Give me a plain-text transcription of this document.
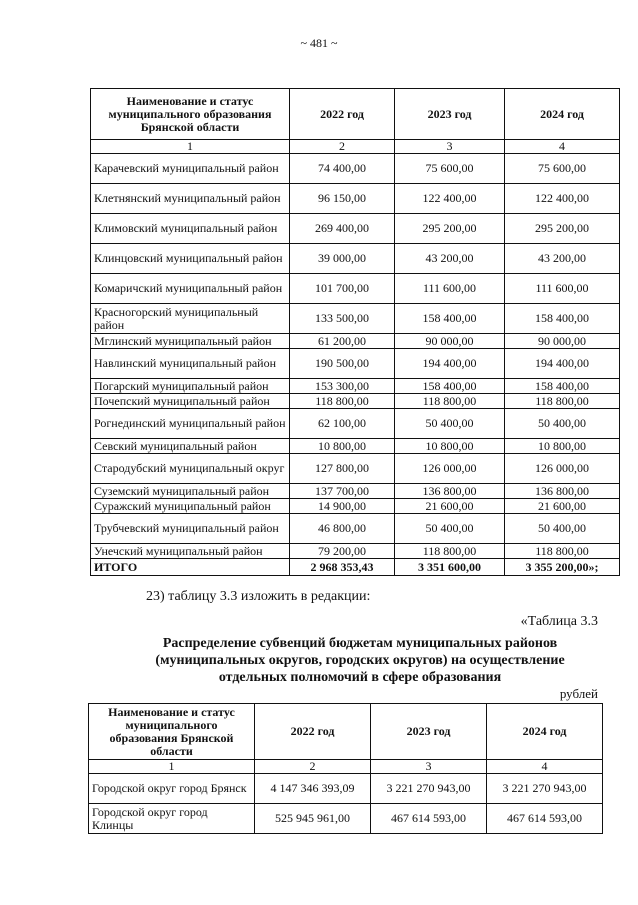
~ 481 ~
Наименование и статус муниципального образования Брянской области	2022 год	2023 год	2024 год
1	2	3	4
Карачевский муниципальный район	74 400,00	75 600,00	75 600,00
Клетнянский муниципальный район	96 150,00	122 400,00	122 400,00
Климовский муниципальный район	269 400,00	295 200,00	295 200,00
Клинцовский муниципальный район	39 000,00	43 200,00	43 200,00
Комаричский муниципальный район	101 700,00	111 600,00	111 600,00
Красногорский муниципальный район	133 500,00	158 400,00	158 400,00
Мглинский муниципальный район	61 200,00	90 000,00	90 000,00
Навлинский муниципальный район	190 500,00	194 400,00	194 400,00
Погарский муниципальный район	153 300,00	158 400,00	158 400,00
Почепский муниципальный район	118 800,00	118 800,00	118 800,00
Рогнединский муниципальный район	62 100,00	50 400,00	50 400,00
Севский муниципальный район	10 800,00	10 800,00	10 800,00
Стародубский муниципальный округ	127 800,00	126 000,00	126 000,00
Суземский муниципальный район	137 700,00	136 800,00	136 800,00
Суражский муниципальный район	14 900,00	21 600,00	21 600,00
Трубчевский муниципальный район	46 800,00	50 400,00	50 400,00
Унечский муниципальный район	79 200,00	118 800,00	118 800,00
ИТОГО	2 968 353,43	3 351 600,00	3 355 200,00»;
23) таблицу 3.3 изложить в редакции:
«Таблица 3.3
Распределение субвенций бюджетам муниципальных районов (муниципальных округов, городских округов) на осуществление отдельных полномочий в сфере образования
рублей
Наименование и статус муниципального образования Брянской области	2022 год	2023 год	2024 год
1	2	3	4
Городской округ город Брянск	4 147 346 393,09	3 221 270 943,00	3 221 270 943,00
Городской округ город Клинцы	525 945 961,00	467 614 593,00	467 614 593,00
